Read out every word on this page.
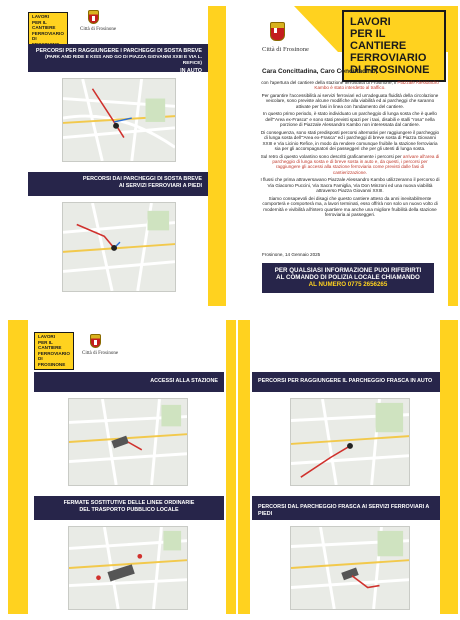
LAVORI
PER IL CANTIERE
FERROVIARIO
DI
Città di Frosinone
PERCORSI PER RAGGIUNGERE I PARCHEGGI DI SOSTA BREVE
(PARK AND RIDE E KISS AND GO DI PIAZZA GIOVANNI XXIII E VIA L. REFICE)
IN AUTO
PERCORSI DAI PARCHEGGI DI SOSTA BREVE
AI SERVIZI FERROVIARI A PIEDI
Città di Frosinone
LAVORI
PER IL CANTIERE
FERROVIARIO
DI FROSINONE
Cara Concittadina, Caro Concittadino,

con l'apertura del cantiere della stazione ferroviaria di Frosinone, il Piazzale Alessandro Kambo è stato interdetto al traffico.

Per garantire l'accessibilità ai servizi ferroviari ed un'adeguata fluidità della circolazione veicolare, sono previste alcune modifiche alla viabilità ed ai parcheggi che saranno attivate per fasi in linea con l'andamento del cantiere.

In questo primo periodo, è stato individuato un parcheggio di lunga sosta che è quello dell'"Area ex-Frasca" e sono stati previsti spazi per i taxi, disabili e stalli "rosa" nella porzione di Piazzale Alessandro Kambo non interessata dal cantiere.

Di conseguenza, sono stati predisposti percorsi alternativi per raggiungere il parcheggio di lunga sosta dell'"Area ex-Frasca" ed i parcheggi di breve sosta di Piazza Giovanni XXIII e Via Licinio Refice, in modo da rendere comunque fruibile la stazione ferroviaria sia per gli accompagnatori dei passeggeri che per gli utenti di lunga sosta.

Sul retro di questo volantino sono descritti graficamente i percorsi per arrivare all'area di parcheggio di lunga sosta e di breve sosta in auto e, da questi, i percorsi per raggiungere gli accessi alla stazione ferroviaria come previsti dalle fasi di cantierizzazione.

I flussi che prima attraversavano Piazzale Alessandro Kambo utilizzeranno il percorso di Via Giacomo Puccini, Via Sacra Famiglia, Via Don Minzoni ed una nuova viabilità attraverso Piazza Giovanni XXIII.

Siamo consapevoli dei disagi che questo cantiere atteso da anni inevitabilmente comporterà e comporterà ma, a lavori terminati, esso offrirà non solo un nuovo volto di modernità e vivibilità all'intero quartiere ma anche una migliore fruibilità della stazione ferroviaria ai passeggeri.

Frosinone, 14 Gennaio 2025
PER QUALSIASI INFORMAZIONE PUOI RIFERIRTI
AL COMANDO DI POLIZIA LOCALE CHIAMANDO
AL NUMERO 0775 2656265
LAVORI
PER IL CANTIERE
FERROVIARIO
DI FROSINONE
Città di Frosinone
ACCESSI ALLA STAZIONE
FERMATE SOSTITUTIVE DELLE LINEE ORDINARIE
DEL TRASPORTO PUBBLICO LOCALE
PERCORSI PER RAGGIUNGERE IL PARCHEGGIO FRASCA IN AUTO
PERCORSI DAL PARCHEGGIO FRASCA AI SERVIZI FERROVIARI A PIEDI
